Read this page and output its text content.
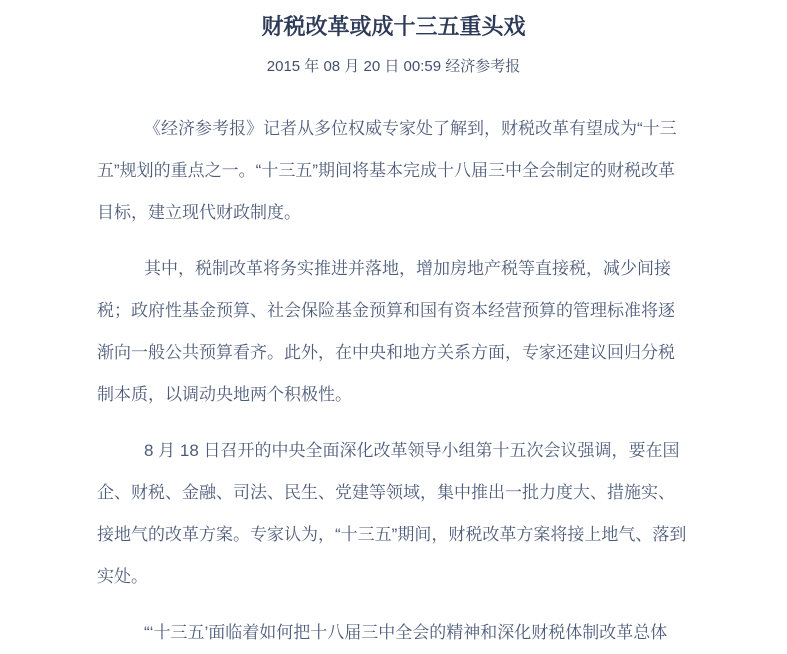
财税改革或成十三五重头戏
2015 年 08 月 20 日 00:59 经济参考报

《经济参考报》记者从多位权威专家处了解到，财税改革有望成为“十三五”规划的重点之一。“十三五”期间将基本完成十八届三中全会制定的财税改革目标，建立现代财政制度。

其中，税制改革将务实推进并落地，增加房地产税等直接税，减少间接税；政府性基金预算、社会保险基金预算和国有资本经营预算的管理标准将逐渐向一般公共预算看齐。此外，在中央和地方关系方面，专家还建议回归分税制本质，以调动央地两个积极性。

8 月 18 日召开的中央全面深化改革领导小组第十五次会议强调，要在国企、财税、金融、司法、民生、党建等领域，集中推出一批力度大、措施实、接地气的改革方案。专家认为，“十三五”期间，财税改革方案将接上地气、落到实处。

“‘十三五’面临着如何把十八届三中全会的精神和深化财税体制改革总体
